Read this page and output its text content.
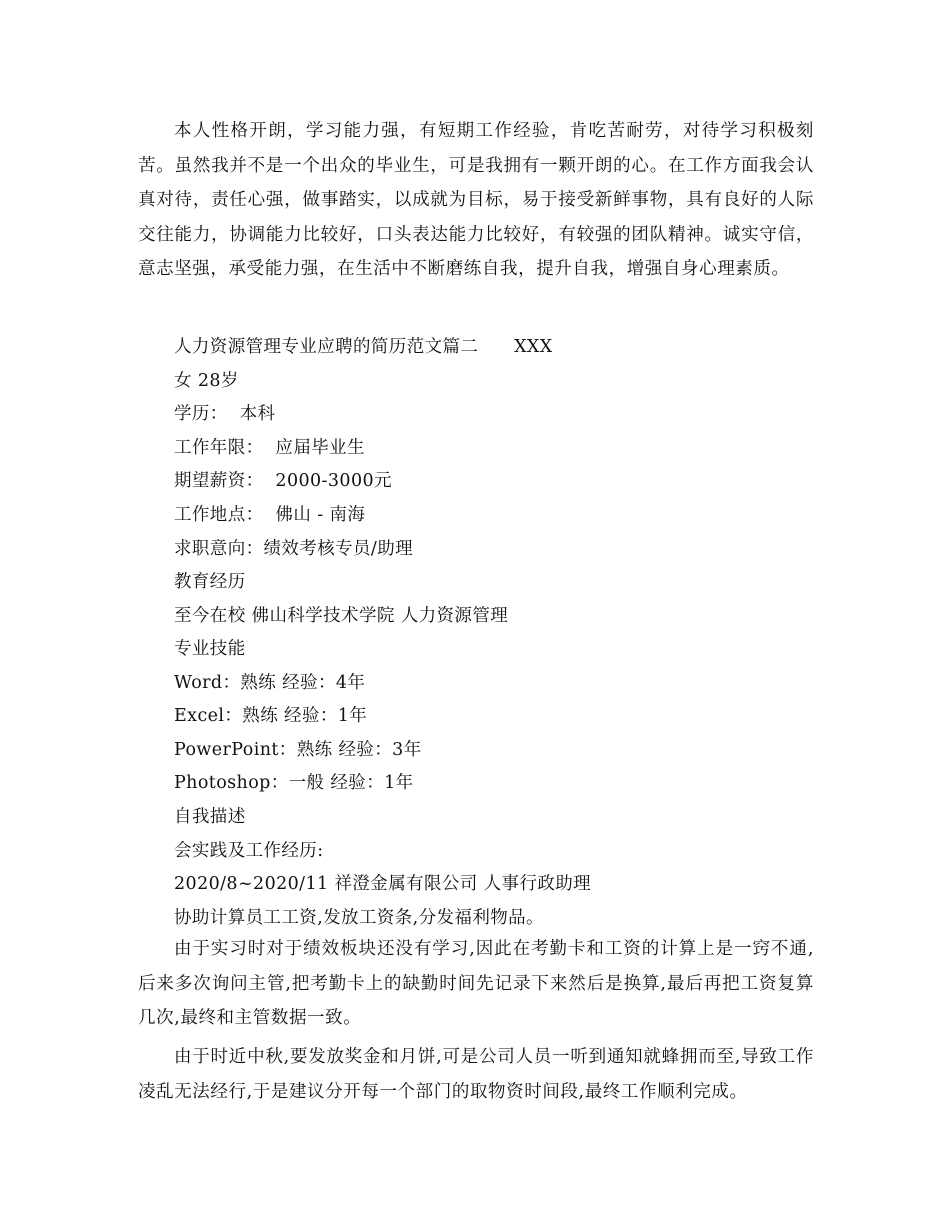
本人性格开朗，学习能力强，有短期工作经验，肯吃苦耐劳，对待学习积极刻苦。虽然我并不是一个出众的毕业生，可是我拥有一颗开朗的心。在工作方面我会认真对待，责任心强，做事踏实，以成就为目标，易于接受新鲜事物，具有良好的人际交往能力，协调能力比较好，口头表达能力比较好，有较强的团队精神。诚实守信，意志坚强，承受能力强，在生活中不断磨练自我，提升自我，增强自身心理素质。

人力资源管理专业应聘的简历范文篇二      XXX

女 28岁

学历：  本科

工作年限：  应届毕业生

期望薪资：  2000-3000元

工作地点：  佛山 - 南海

求职意向：绩效考核专员/助理

教育经历

至今在校 佛山科学技术学院 人力资源管理

专业技能

Word：熟练 经验：4年

Excel：熟练 经验：1年

PowerPoint：熟练 经验：3年

Photoshop：一般 经验：1年

自我描述

会实践及工作经历:

2020/8~2020/11 祥澄金属有限公司 人事行政助理

协助计算员工工资,发放工资条,分发福利物品。

由于实习时对于绩效板块还没有学习,因此在考勤卡和工资的计算上是一窍不通,后来多次询问主管,把考勤卡上的缺勤时间先记录下来然后是换算,最后再把工资复算几次,最终和主管数据一致。

由于时近中秋,要发放奖金和月饼,可是公司人员一听到通知就蜂拥而至,导致工作凌乱无法经行,于是建议分开每一个部门的取物资时间段,最终工作顺利完成。
